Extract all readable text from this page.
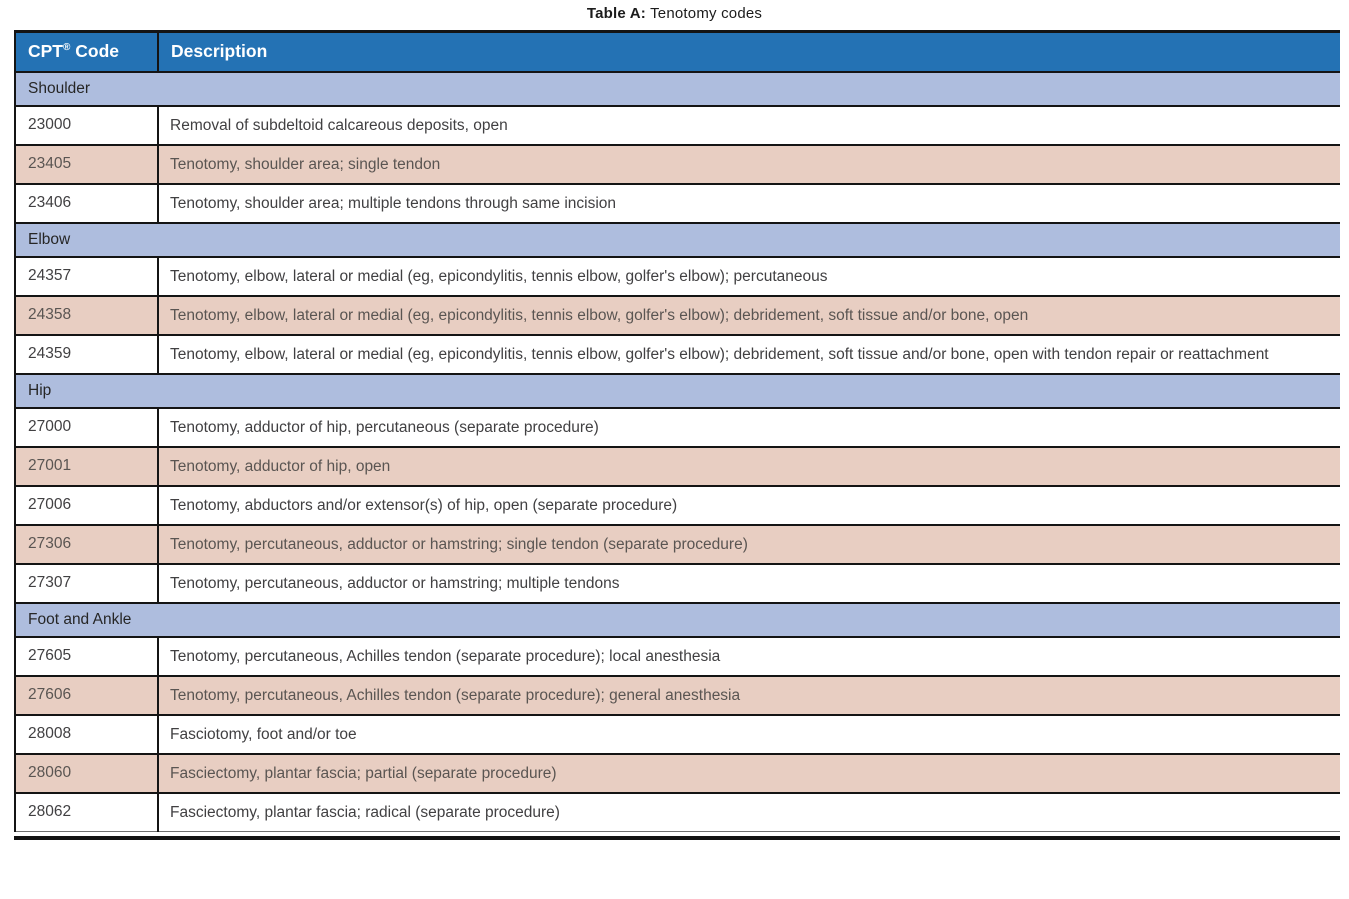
Table A: Tenotomy codes
CPT® Code	Description
Shoulder	
23000	Removal of subdeltoid calcareous deposits, open
23405	Tenotomy, shoulder area; single tendon
23406	Tenotomy, shoulder area; multiple tendons through same incision
Elbow	
24357	Tenotomy, elbow, lateral or medial (eg, epicondylitis, tennis elbow, golfer's elbow); percutaneous
24358	Tenotomy, elbow, lateral or medial (eg, epicondylitis, tennis elbow, golfer's elbow); debridement, soft tissue and/or bone, open
24359	Tenotomy, elbow, lateral or medial (eg, epicondylitis, tennis elbow, golfer's elbow); debridement, soft tissue and/or bone, open with tendon repair or reattachment
Hip	
27000	Tenotomy, adductor of hip, percutaneous (separate procedure)
27001	Tenotomy, adductor of hip, open
27006	Tenotomy, abductors and/or extensor(s) of hip, open (separate procedure)
27306	Tenotomy, percutaneous, adductor or hamstring; single tendon (separate procedure)
27307	Tenotomy, percutaneous, adductor or hamstring; multiple tendons
Foot and Ankle	
27605	Tenotomy, percutaneous, Achilles tendon (separate procedure); local anesthesia
27606	Tenotomy, percutaneous, Achilles tendon (separate procedure); general anesthesia
28008	Fasciotomy, foot and/or toe
28060	Fasciectomy, plantar fascia; partial (separate procedure)
28062	Fasciectomy, plantar fascia; radical (separate procedure)
